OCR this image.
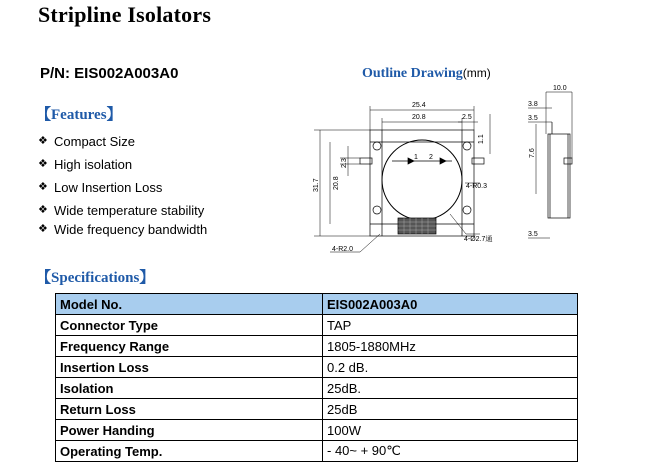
Stripline Isolators
P/N: EIS002A003A0	Outline Drawing(mm)
【Features】
❖ Compact Size
❖ High isolation
❖ Low Insertion Loss
❖ Wide temperature stability
❖ Wide frequency bandwidth
1 2
25.4
20.8	2.5
1.1
2.3
20.8
31.7	4-R0.3
4-Ø2.7通
4-R2.0
10.0
3.8
3.5
7.6
3.5
【Specifications】
Model No.	EIS002A003A0
Connector Type	TAP
Frequency Range	1805-1880MHz
Insertion Loss	0.2 dB.
Isolation	25dB.
Return Loss	25dB
Power Handing	100W
Operating Temp.	- 40~ + 90℃
